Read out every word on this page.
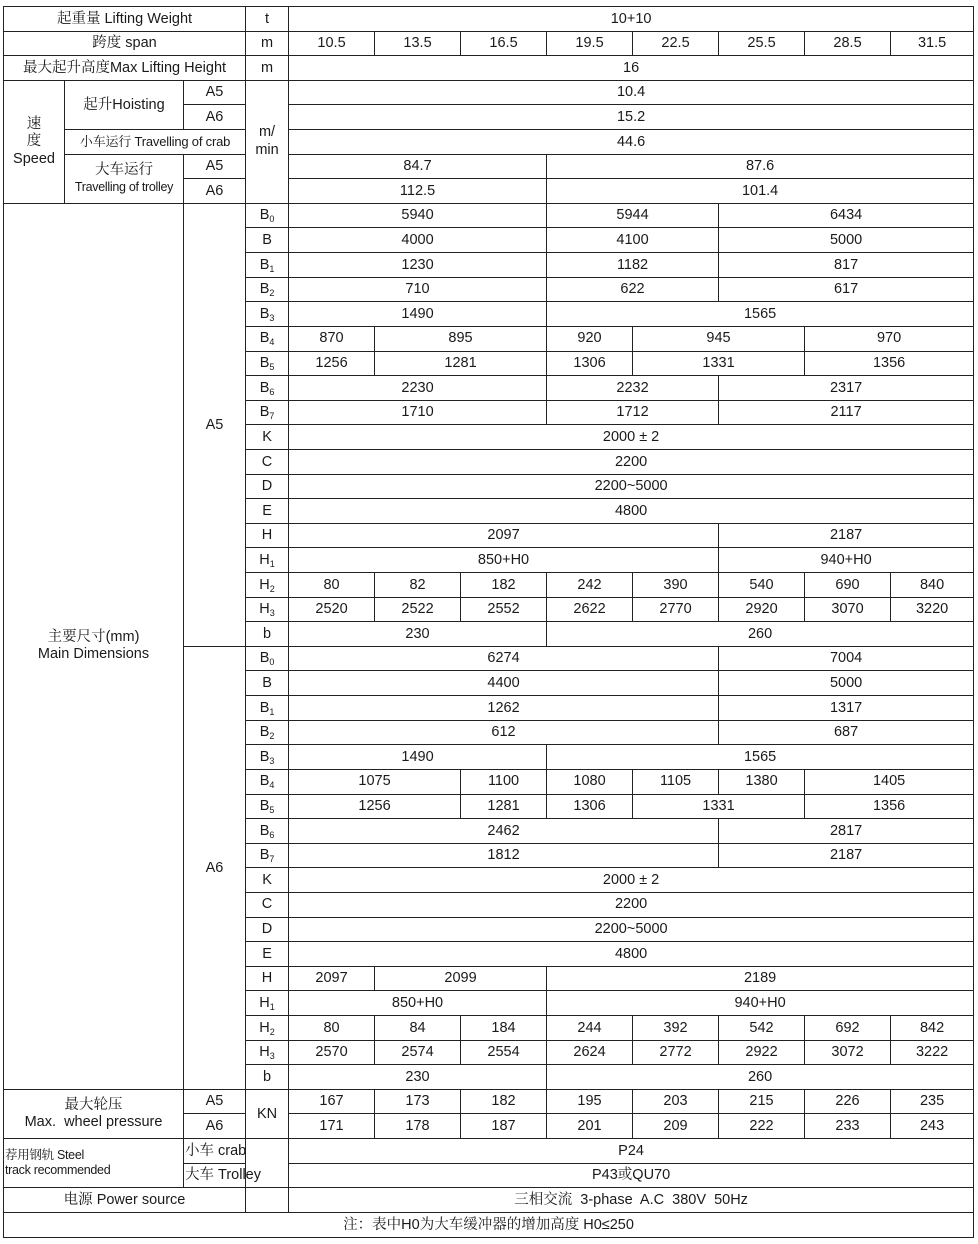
起重量 Lifting Weight			t	10+10							
跨度 span			m	10.5	13.5	16.5	19.5	22.5	25.5	28.5	31.5
最大起升高度Max Lifting Height			m	16							
速度
Speed	起升Hoisting	A5	m/min	10.4							
		A6		15.2							
	小车运行 Travelling of crab			44.6							
	大车运行
Travelling of trolley	A5		84.7			87.6				
		A6		112.5			101.4				
主要尺寸(mm)
Main Dimensions		A5	$B_0$	5940			5944		6434		
			B	4000			4100		5000		
			$B_1$	1230			1182		817		
			$B_2$	710			622		617		
			$B_3$	1490			1565				
			$B_4$	870	895		920	945		970	
			$B_5$	1256	1281		1306	1331		1356	
			$B_6$	2230			2232		2317		
			$B_7$	1710			1712		2117		
			K	2000 ± 2							
			C	2200							
			D	2200~5000							
			E	4800							
			H	2097					2187		
			$H_1$	850+H0					940+H0		
			$H_2$	80	82	182	242	390	540	690	840
			$H_3$	2520	2522	2552	2622	2770	2920	3070	3220
			b	230			260				
		A6	$B_0$	6274					7004		
			B	4400					5000		
			$B_1$	1262					1317		
			$B_2$	612					687		
			$B_3$	1490			1565				
			$B_4$	1075		1100	1080	1105	1380	1405	
			$B_5$	1256		1281	1306	1331		1356	
			$B_6$	2462					2817		
			$B_7$	1812					2187		
			K	2000 ± 2							
			C	2200							
			D	2200~5000							
			E	4800							
			H	2097	2099		2189				
			$H_1$	850+H0			940+H0				
			$H_2$	80	84	184	244	392	542	692	842
			$H_3$	2570	2574	2554	2624	2772	2922	3072	3222
			b	230			260				
最大轮压
Max.  wheel pressure		A5	KN	167	173	182	195	203	215	226	235
		A6		171	178	187	201	209	222	233	243
荐用钢轨 Steel
track recommended		小车 crab		P24							
		大车 Trolley		P43或QU70							
电源 Power source				三相交流  3-phase  A.C  380V  50Hz							
注：表中H0为大车缓冲器的增加高度 H0≤250											
